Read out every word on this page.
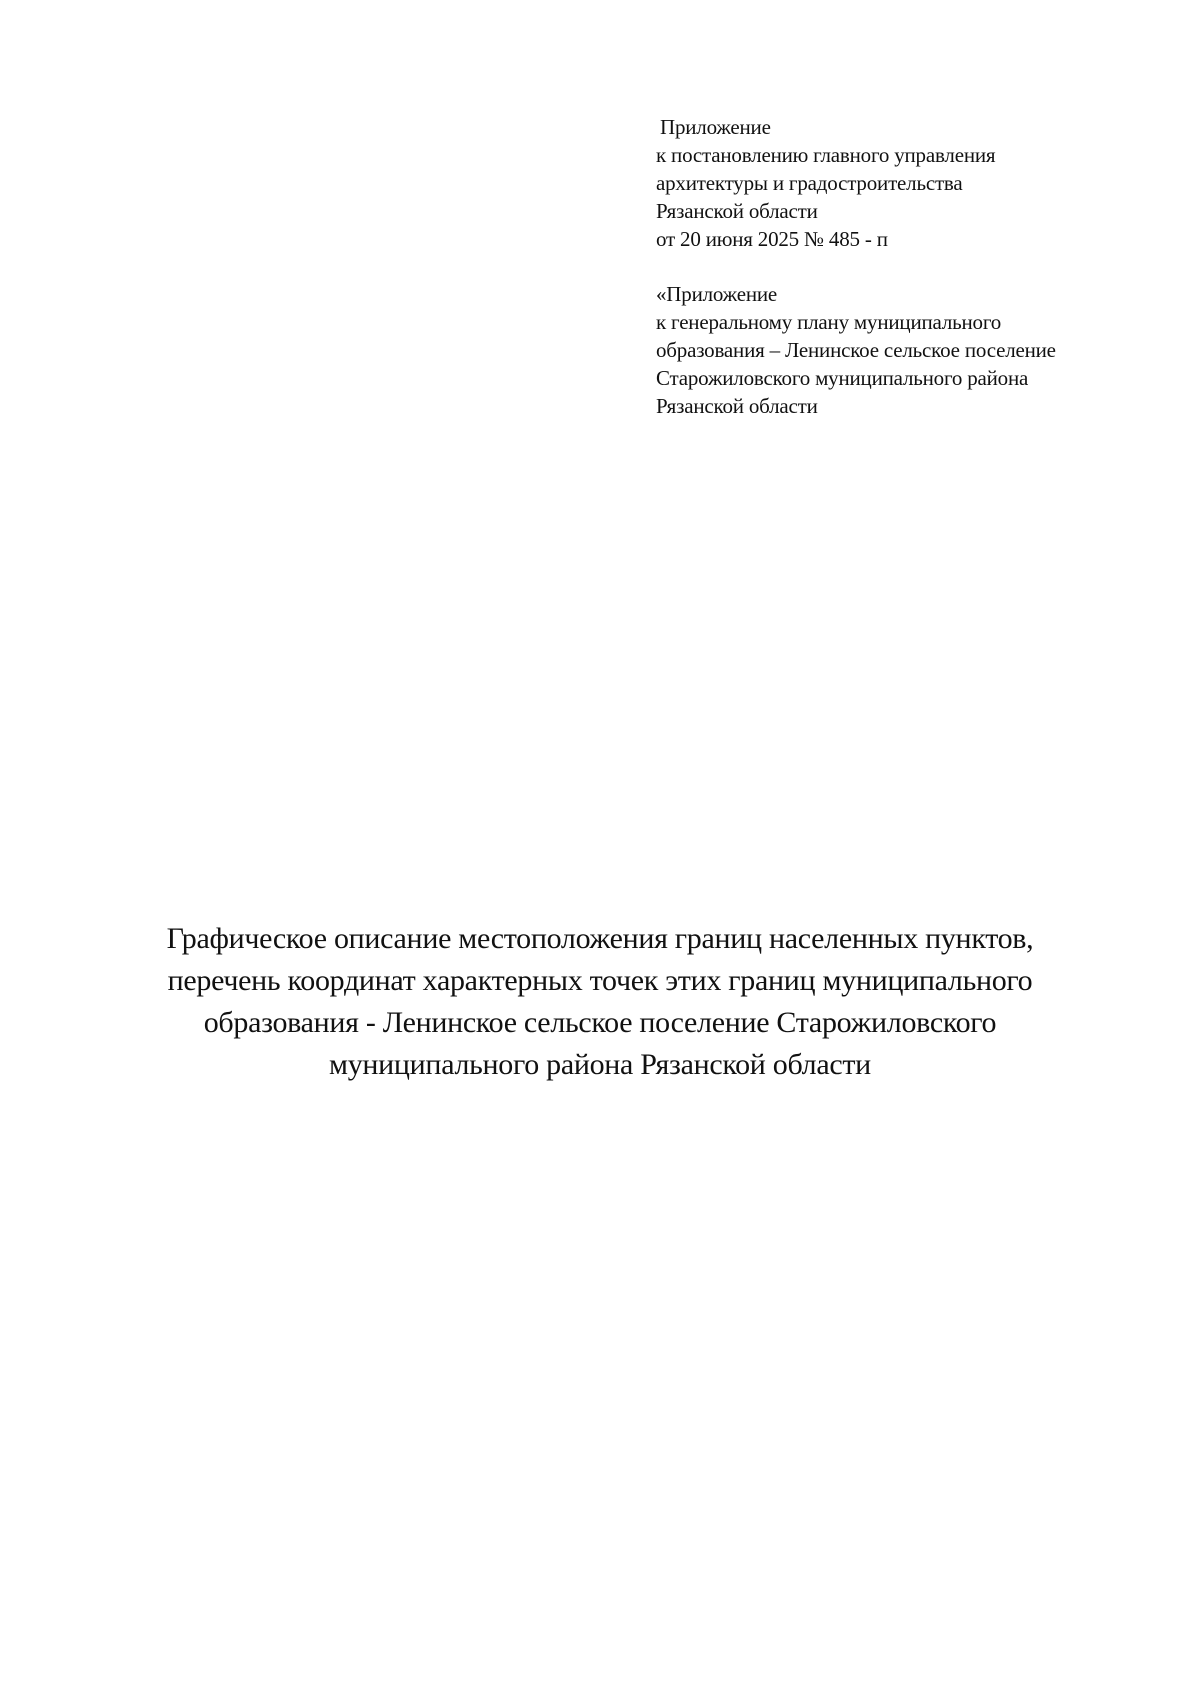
Приложение
к постановлению главного управления
архитектуры и градостроительства
Рязанской области
от 20 июня 2025 № 485 - п
«Приложение
к генеральному плану муниципального
образования – Ленинское сельское поселение
Старожиловского муниципального района
Рязанской области
Графическое описание местоположения границ населенных пунктов,
перечень координат характерных точек этих границ муниципального
образования - Ленинское сельское поселение Старожиловского
муниципального района Рязанской области
